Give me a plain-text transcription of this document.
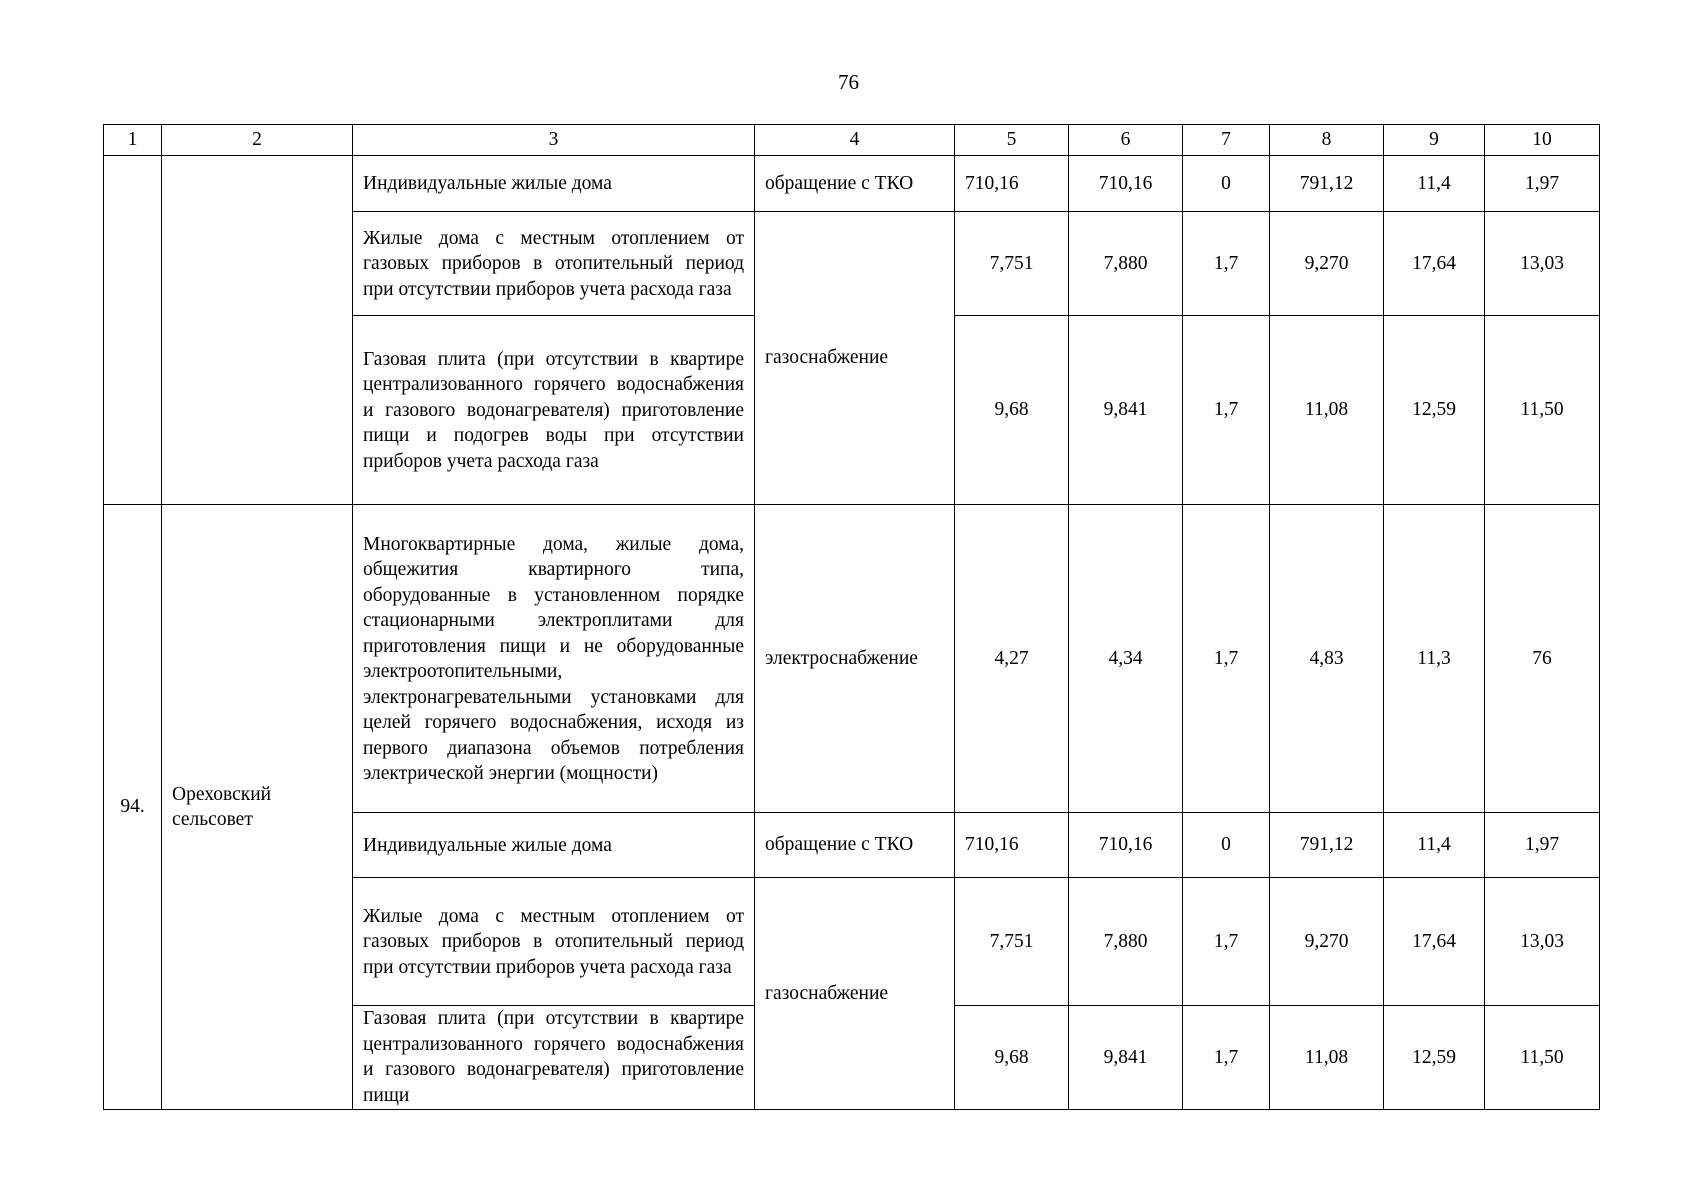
76
1	2	3	4	5	6	7	8	9	10
		Индивидуальные жилые дома	обращение с ТКО	710,16	710,16	0	791,12	11,4	1,97
		Жилые дома с местным отоплением от газовых приборов в отопительный период при отсутствии приборов учета расхода газа	газоснабжение	7,751	7,880	1,7	9,270	17,64	13,03
		Газовая плита (при отсутствии в квартире централизованного горячего водоснабжения и газового водонагревателя) приготовление пищи и подогрев воды при отсутствии приборов учета расхода газа		9,68	9,841	1,7	11,08	12,59	11,50
94.	Ореховский сельсовет	Многоквартирные дома, жилые дома, общежития квартирного типа, оборудованные в установленном порядке стационарными электроплитами для приготовления пищи и не оборудованные электроотопительными, электронагревательными установками для целей горячего водоснабжения, исходя из первого диапазона объемов потребления электрической энергии (мощности)	электроснабжение	4,27	4,34	1,7	4,83	11,3	76
		Индивидуальные жилые дома	обращение с ТКО	710,16	710,16	0	791,12	11,4	1,97
		Жилые дома с местным отоплением от газовых приборов в отопительный период при отсутствии приборов учета расхода газа	газоснабжение	7,751	7,880	1,7	9,270	17,64	13,03

		Газовая плита (при отсутствии в квартире централизованного горячего водоснабжения и газового водонагревателя) приготовление пищи		9,68	9,841	1,7	11,08	12,59	11,50
